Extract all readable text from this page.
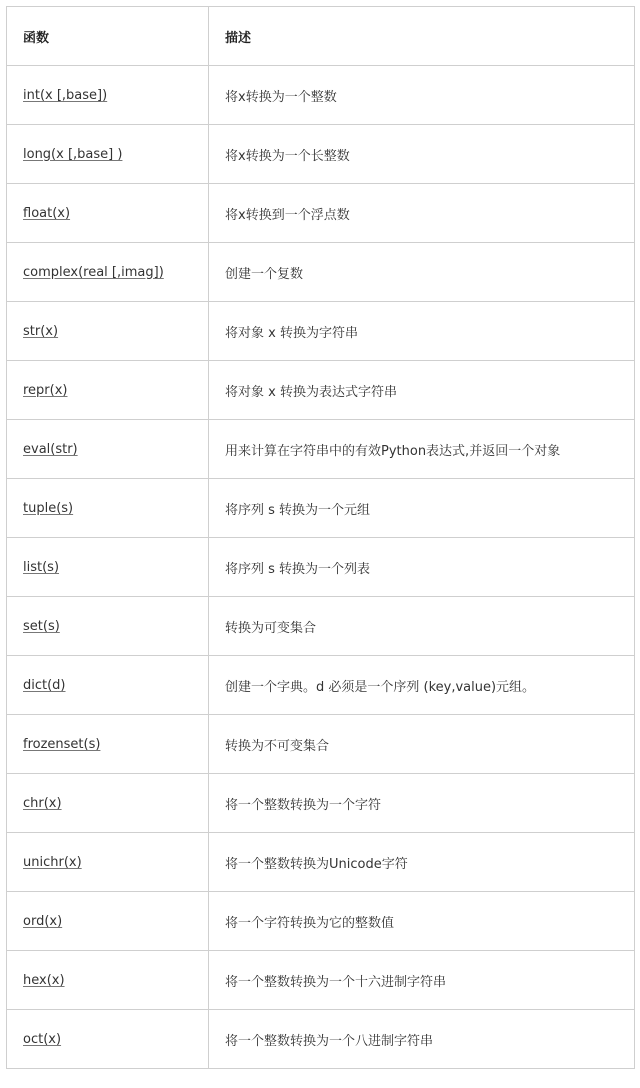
函数	描述
int(x [,base])	将x转换为一个整数
long(x [,base] )	将x转换为一个长整数
float(x)	将x转换到一个浮点数
complex(real [,imag])	创建一个复数
str(x)	将对象 x 转换为字符串
repr(x)	将对象 x 转换为表达式字符串
eval(str)	用来计算在字符串中的有效Python表达式,并返回一个对象
tuple(s)	将序列 s 转换为一个元组
list(s)	将序列 s 转换为一个列表
set(s)	转换为可变集合
dict(d)	创建一个字典。d 必须是一个序列 (key,value)元组。
frozenset(s)	转换为不可变集合
chr(x)	将一个整数转换为一个字符
unichr(x)	将一个整数转换为Unicode字符
ord(x)	将一个字符转换为它的整数值
hex(x)	将一个整数转换为一个十六进制字符串
oct(x)	将一个整数转换为一个八进制字符串
